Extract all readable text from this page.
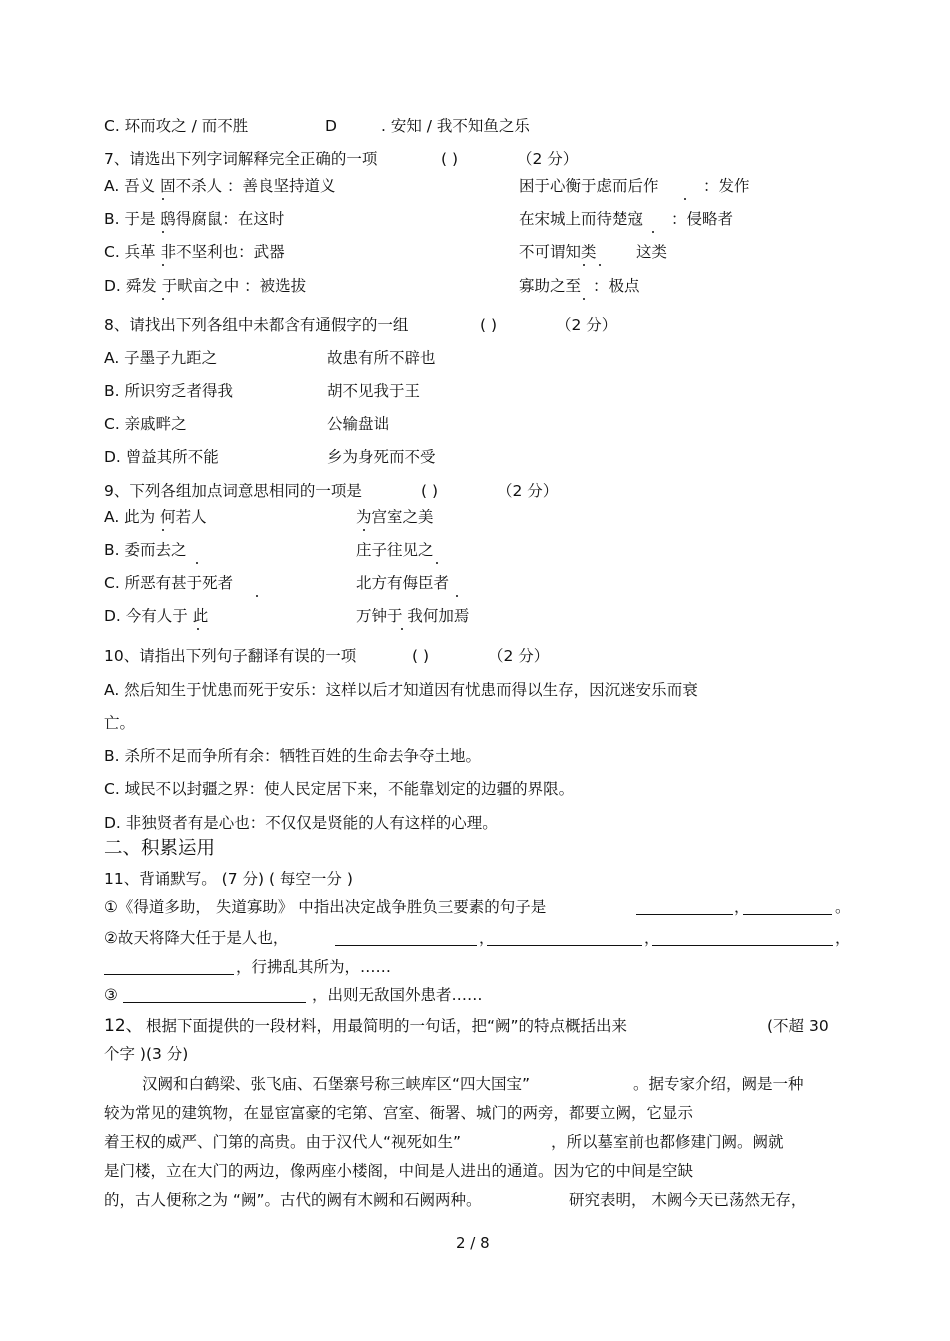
C. 环而攻之 / 而不胜	D	. 安知 / 我不知鱼之乐
7、请选出下列字词解释完全正确的一项	( )	（2 分）
A. 吾义 固不杀人 ：善良坚持道义	困于心衡于虑而后作	：发作
B. 于是 鸱得腐鼠：在这时	在宋城上而待楚寇 ：侵略者
C. 兵革 非不坚利也：武器	不可谓知类	这类
D. 舜发 于畎亩之中 ：被选拔	寡助之至 ：极点
8、请找出下列各组中未都含有通假字的一组	( )	（2 分）
A. 子墨子九距之	故患有所不辟也
B. 所识穷乏者得我	胡不见我于王
C. 亲戚畔之	公输盘诎
D. 曾益其所不能	乡为身死而不受
9、下列各组加点词意思相同的一项是	( )	（2 分）
A. 此为 何若人	为宫室之美
B. 委而去之	庄子往见之
C. 所恶有甚于死者	北方有侮臣者
D. 今有人于 此	万钟于 我何加焉
10、请指出下列句子翻译有误的一项	( )	（2 分）
A. 然后知生于忧患而死于安乐：这样以后才知道因有忧患而得以生存，因沉迷安乐而衰
亡。
B. 杀所不足而争所有余：牺牲百姓的生命去争夺土地。
C. 域民不以封疆之界：使人民定居下来，不能靠划定的边疆的界限。
D. 非独贤者有是心也：不仅仅是贤能的人有这样的心理。
二、积累运用
11、背诵默写。 (7 分) ( 每空一分 )
①《得道多助， 失道寡助》 中指出决定战争胜负三要素的句子是	，	。
②故天将降大任于是人也，	，	，	，
，行拂乱其所为，……
③	，出则无敌国外患者……
12、 根据下面提供的一段材料，用最简明的一句话，把“阙”的特点概括出来	(不超 30
个字 )(3 分)
汉阙和白鹤梁、张飞庙、石堡寨号称三峡库区“四大国宝”	。据专家介绍，阙是一种
较为常见的建筑物，在显宦富豪的宅第、宫室、衙署、城门的两旁，都要立阙，它显示
着王权的威严、门第的高贵。由于汉代人“视死如生”	，所以墓室前也都修建门阙。阙就
是门楼，立在大门的两边，像两座小楼阁，中间是人进出的通道。因为它的中间是空缺
的，古人便称之为 “阙”。古代的阙有木阙和石阙两种。	研究表明， 木阙今天已荡然无存，
2 / 8
